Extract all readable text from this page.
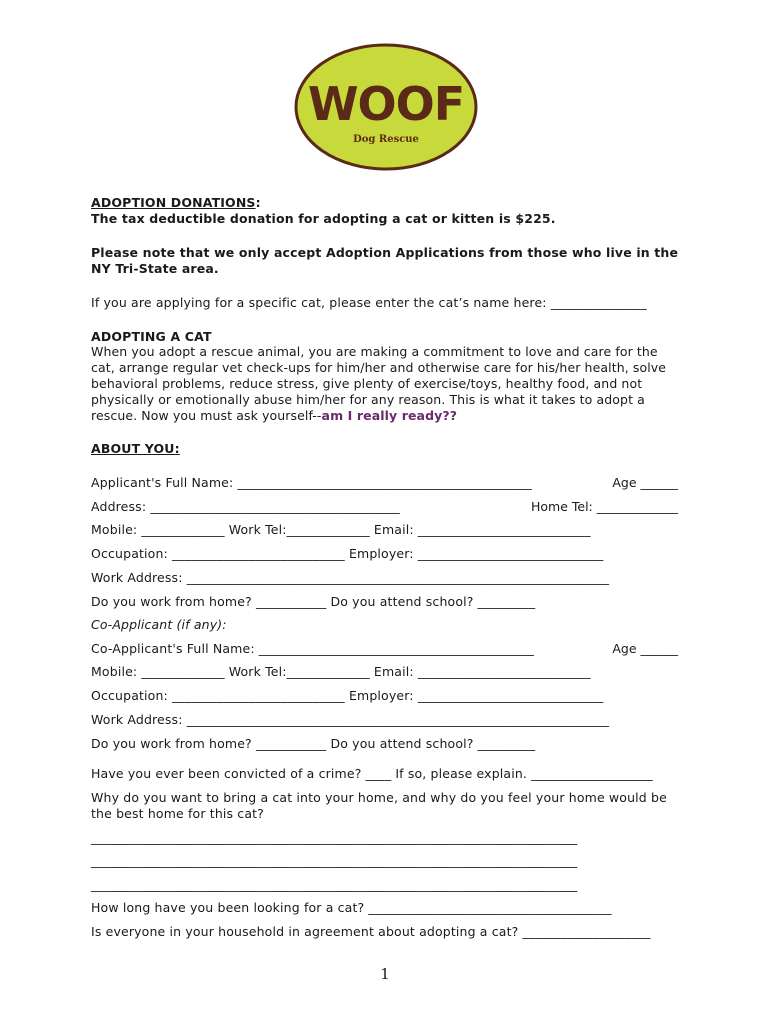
WOOF
Dog Rescue
ADOPTION DONATIONS:
The tax deductible donation for adopting a cat or kitten is $225.
Please note that we only accept Adoption Applications from those who live in the
NY Tri-State area.
If you are applying for a specific cat, please enter the cat’s name here: _______________
ADOPTING A CAT
When you adopt a rescue animal, you are making a commitment to love and care for the cat, arrange regular vet check-ups for him/her and otherwise care for his/her health, solve behavioral problems, reduce stress, give plenty of exercise/toys, healthy food, and not physically or emotionally abuse him/her for any reason. This is what it takes to adopt a rescue. Now you must ask yourself--am I really ready??
ABOUT YOU:
Applicant's Full Name: ______________________________________________	Age ______
Address: _______________________________________	Home Tel: _____________
Mobile: _____________ Work Tel:_____________ Email: ___________________________
Occupation: ___________________________ Employer: _____________________________
Work Address: __________________________________________________________________
Do you work from home? ___________ Do you attend school? _________
Co-Applicant (if any):
Co-Applicant's Full Name: ___________________________________________	Age ______
Mobile: _____________ Work Tel:_____________ Email: ___________________________
Occupation: ___________________________ Employer: _____________________________
Work Address: __________________________________________________________________
Do you work from home? ___________ Do you attend school? _________
Have you ever been convicted of a crime? ____ If so, please explain. ___________________
Why do you want to bring a cat into your home, and why do you feel your home would be
the best home for this cat?
____________________________________________________________________________
____________________________________________________________________________
____________________________________________________________________________
How long have you been looking for a cat? ______________________________________
Is everyone in your household in agreement about adopting a cat? ____________________
1
